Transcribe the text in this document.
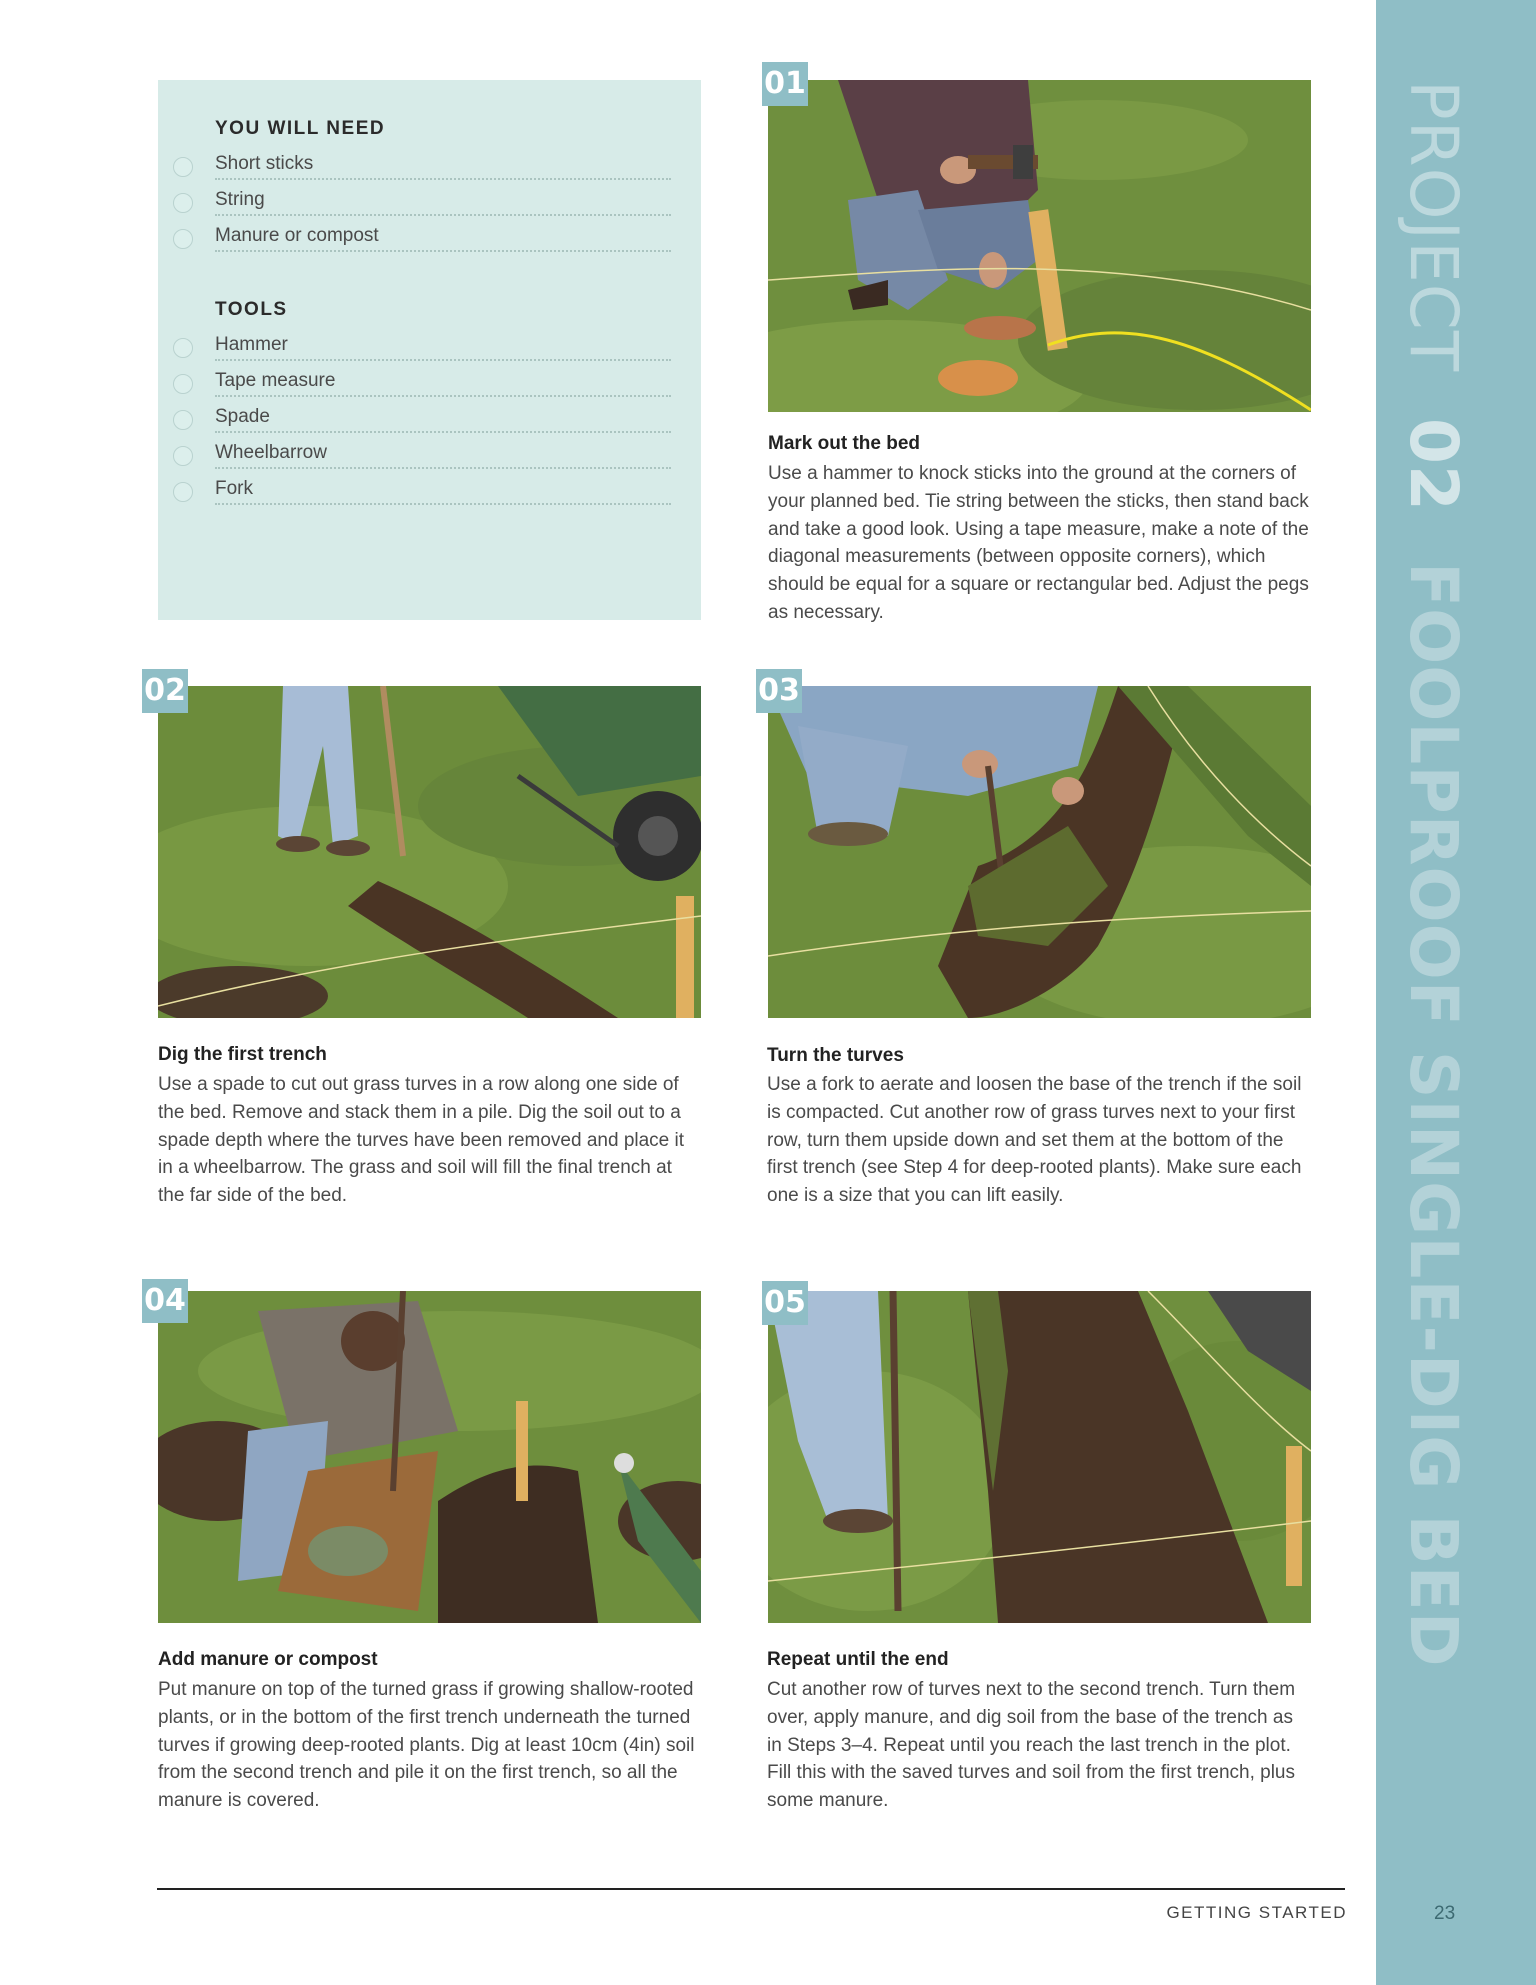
PROJECT02FOOLPROOF SINGLE-DIG BED
23
YOU WILL NEED
Short sticks
String
Manure or compost
TOOLS
Hammer
Tape measure
Spade
Wheelbarrow
Fork
01
Mark out the bed
Use a hammer to knock sticks into the ground at the corners of your planned bed. Tie string between the sticks, then stand back and take a good look. Using a tape measure, make a note of the diagonal measurements (between opposite corners), which should be equal for a square or rectangular bed. Adjust the pegs as necessary.
02
Dig the first trench
Use a spade to cut out grass turves in a row along one side of the bed. Remove and stack them in a pile. Dig the soil out to a spade depth where the turves have been removed and place it in a wheelbarrow. The grass and soil will fill the final trench at the far side of the bed.
03
Turn the turves
Use a fork to aerate and loosen the base of the trench if the soil is compacted. Cut another row of grass turves next to your first row, turn them upside down and set them at the bottom of the first trench (see Step 4 for deep-rooted plants). Make sure each one is a size that you can lift easily.
04
Add manure or compost
Put manure on top of the turned grass if growing shallow-rooted plants, or in the bottom of the first trench underneath the turned turves if growing deep-rooted plants. Dig at least 10cm (4in) soil from the second trench and pile it on the first trench, so all the manure is covered.
05
Repeat until the end
Cut another row of turves next to the second trench. Turn them over, apply manure, and dig soil from the base of the trench as in Steps 3–4. Repeat until you reach the last trench in the plot. Fill this with the saved turves and soil from the first trench, plus some manure.
GETTING STARTED
